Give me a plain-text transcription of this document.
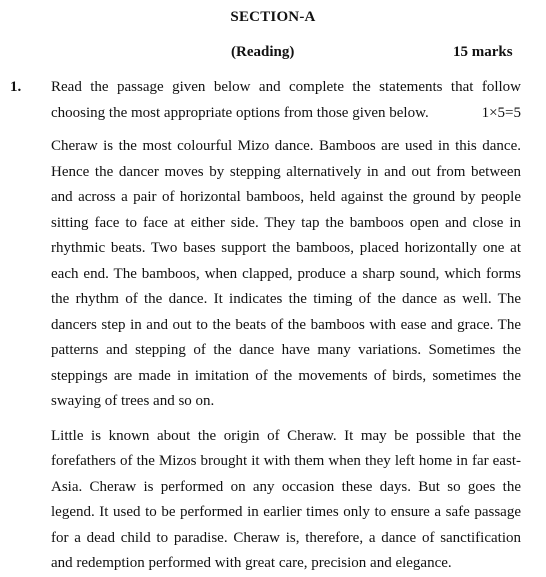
SECTION-A
(Reading)	15 marks
1. Read the passage given below and complete the statements that follow

choosing the most appropriate options from those given below.	1×5=5

Cheraw is the most colourful Mizo dance. Bamboos are used in this dance. Hence the dancer moves by stepping alternatively in and out from between and across a pair of horizontal bamboos, held against the ground by people sitting face to face at either side. They tap the bamboos open and close in rhythmic beats. Two bases support the bamboos, placed horizontally one at each end. The bamboos, when clapped, produce a sharp sound, which forms the rhythm of the dance. It indicates the timing of the dance as well. The dancers step in and out to the beats of the bamboos with ease and grace. The patterns and stepping of the dance have many variations. Sometimes the steppings are made in imitation of the movements of birds, sometimes the swaying of trees and so on.

Little is known about the origin of Cheraw. It may be possible that the forefathers of the Mizos brought it with them when they left home in far east-Asia. Cheraw is performed on any occasion these days. But so goes the legend. It used to be performed in earlier times only to ensure a safe passage for a dead child to paradise. Cheraw is, therefore, a dance of sanctification and redemption performed with great care, precision and elegance.
